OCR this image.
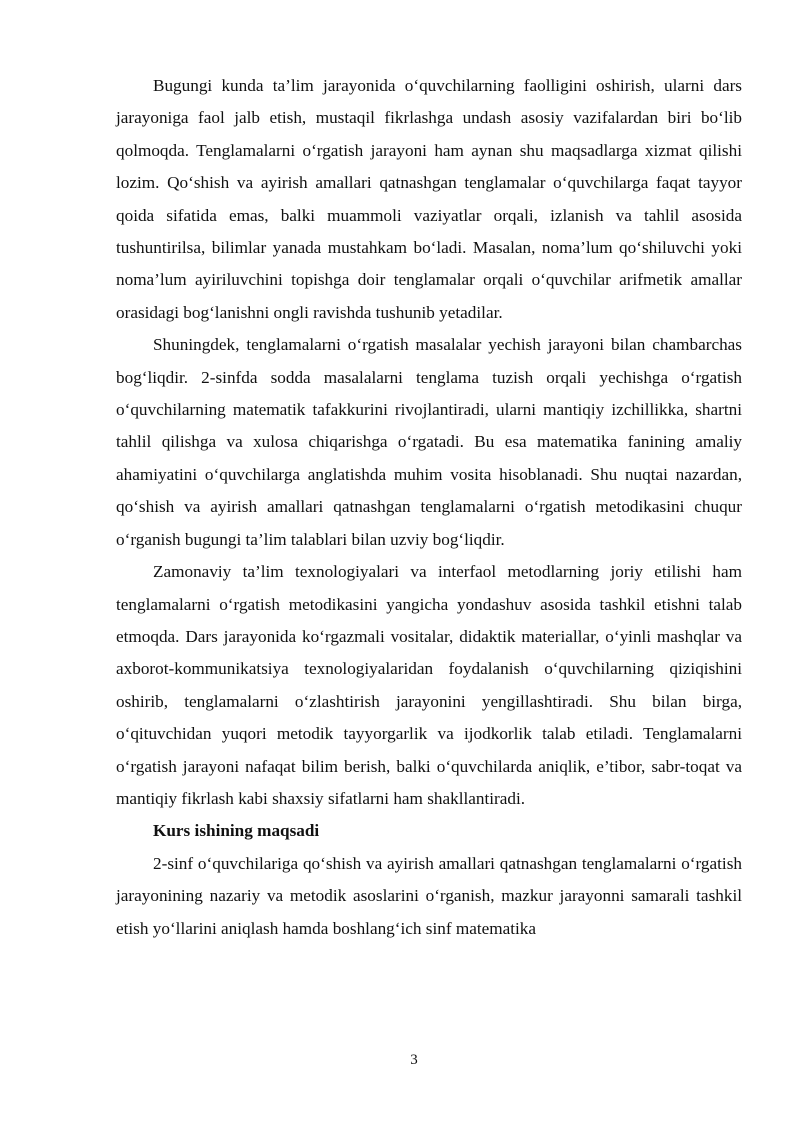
Bugungi kunda ta’lim jarayonida o‘quvchilarning faolligini oshirish, ularni dars jarayoniga faol jalb etish, mustaqil fikrlashga undash asosiy vazifalardan biri bo‘lib qolmoqda. Tenglamalarni o‘rgatish jarayoni ham aynan shu maqsadlarga xizmat qilishi lozim. Qo‘shish va ayirish amallari qatnashgan tenglamalar o‘quvchilarga faqat tayyor qoida sifatida emas, balki muammoli vaziyatlar orqali, izlanish va tahlil asosida tushuntirilsa, bilimlar yanada mustahkam bo‘ladi. Masalan, noma’lum qo‘shiluvchi yoki noma’lum ayiriluvchini topishga doir tenglamalar orqali o‘quvchilar arifmetik amallar orasidagi bog‘lanishni ongli ravishda tushunib yetadilar.

Shuningdek, tenglamalarni o‘rgatish masalalar yechish jarayoni bilan chambarchas bog‘liqdir. 2-sinfda sodda masalalarni tenglama tuzish orqali yechishga o‘rgatish o‘quvchilarning matematik tafakkurini rivojlantiradi, ularni mantiqiy izchillikka, shartni tahlil qilishga va xulosa chiqarishga o‘rgatadi. Bu esa matematika fanining amaliy ahamiyatini o‘quvchilarga anglatishda muhim vosita hisoblanadi. Shu nuqtai nazardan, qo‘shish va ayirish amallari qatnashgan tenglamalarni o‘rgatish metodikasini chuqur o‘rganish bugungi ta’lim talablari bilan uzviy bog‘liqdir.

Zamonaviy ta’lim texnologiyalari va interfaol metodlarning joriy etilishi ham tenglamalarni o‘rgatish metodikasini yangicha yondashuv asosida tashkil etishni talab etmoqda. Dars jarayonida ko‘rgazmali vositalar, didaktik materiallar, o‘yinli mashqlar va axborot-kommunikatsiya texnologiyalaridan foydalanish o‘quvchilarning qiziqishini oshirib, tenglamalarni o‘zlashtirish jarayonini yengillashtiradi. Shu bilan birga, o‘qituvchidan yuqori metodik tayyorgarlik va ijodkorlik talab etiladi. Tenglamalarni o‘rgatish jarayoni nafaqat bilim berish, balki o‘quvchilarda aniqlik, e’tibor, sabr-toqat va mantiqiy fikrlash kabi shaxsiy sifatlarni ham shakllantiradi.

Kurs ishining maqsadi

2-sinf o‘quvchilariga qo‘shish va ayirish amallari qatnashgan tenglamalarni o‘rgatish jarayonining nazariy va metodik asoslarini o‘rganish, mazkur jarayonni samarali tashkil etish yo‘llarini aniqlash hamda boshlang‘ich sinf matematika

3
